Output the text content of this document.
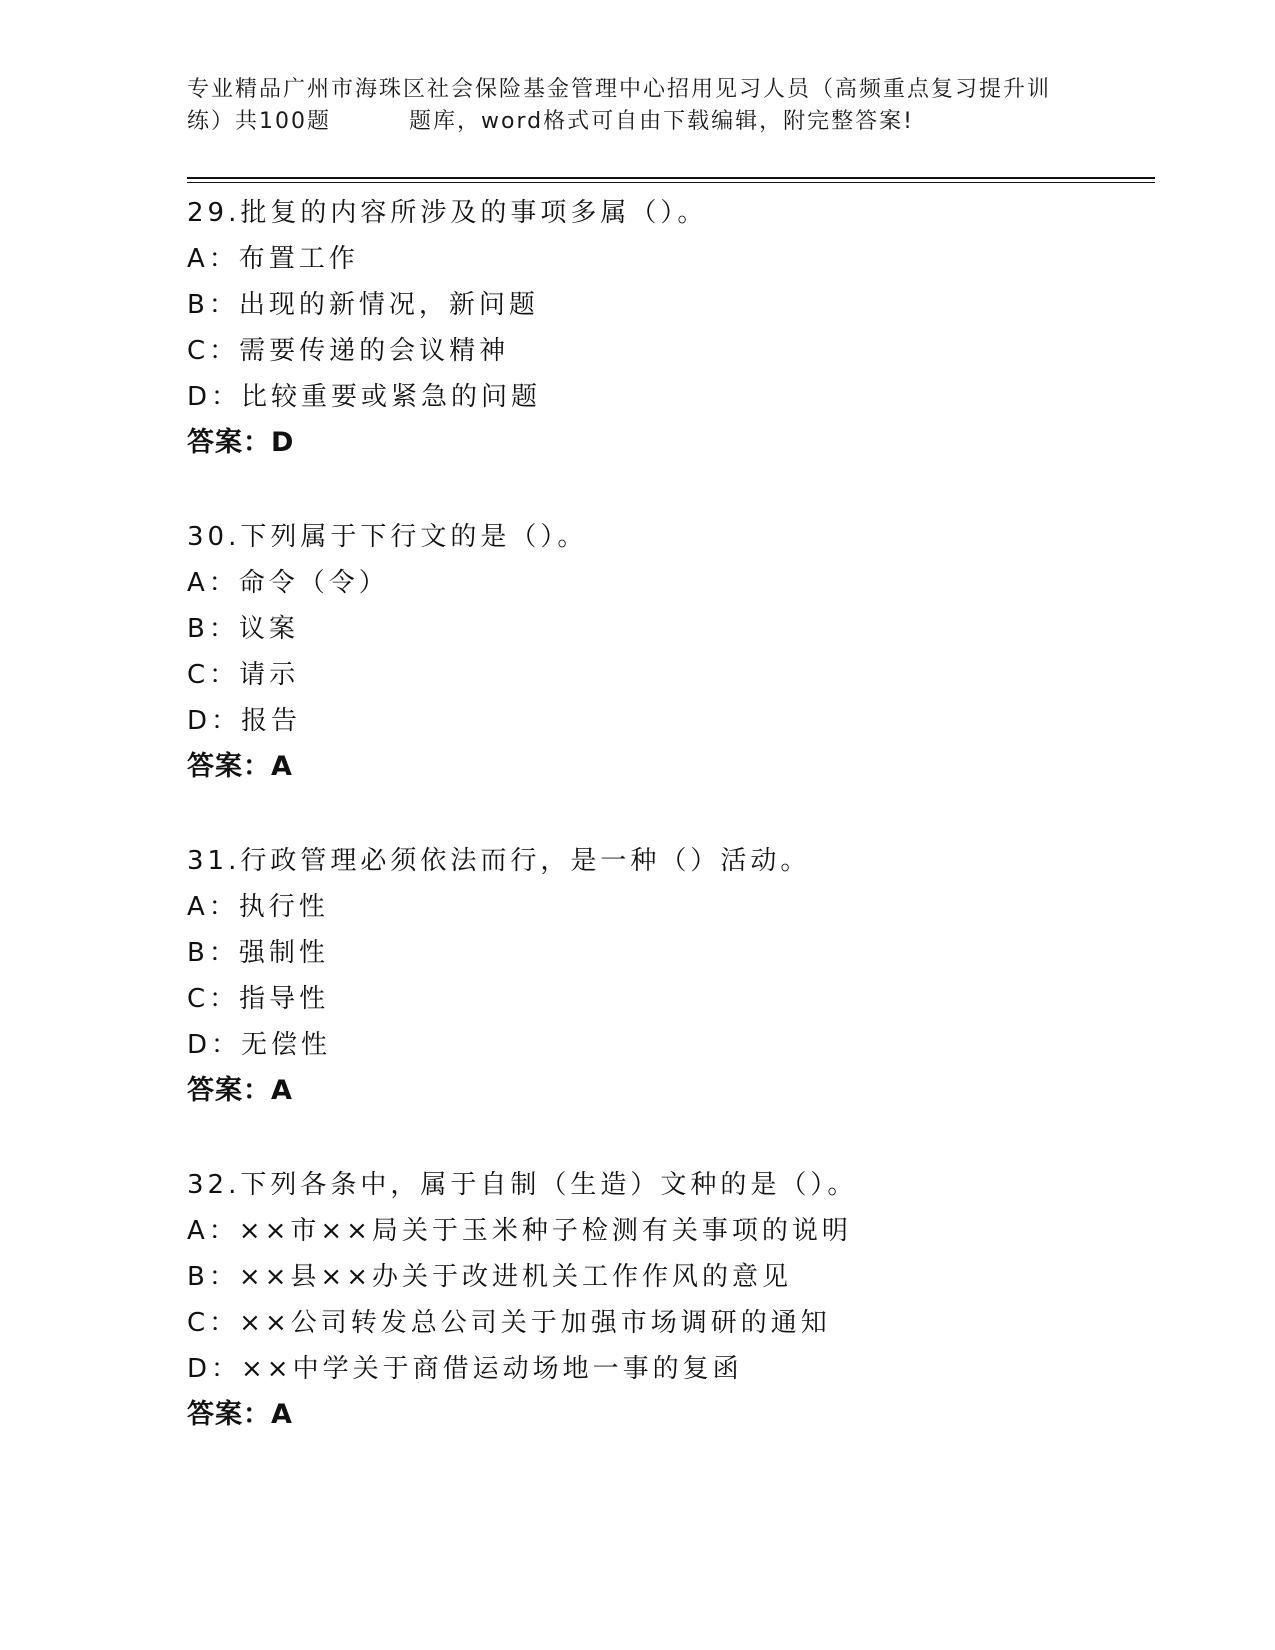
专业精品广州市海珠区社会保险基金管理中心招用见习人员（高频重点复习提升训
练）共100题	题库，word格式可自由下载编辑，附完整答案!
29.批复的内容所涉及的事项多属（）。
A：布置工作
B：出现的新情况，新问题
C：需要传递的会议精神
D：比较重要或紧急的问题
答案：D
30.下列属于下行文的是（）。
A：命令（令）
B：议案
C：请示
D：报告
答案：A
31.行政管理必须依法而行，是一种（）活动。
A：执行性
B：强制性
C：指导性
D：无偿性
答案：A
32.下列各条中，属于自制（生造）文种的是（）。
A：××市××局关于玉米种子检测有关事项的说明
B：××县××办关于改进机关工作作风的意见
C：××公司转发总公司关于加强市场调研的通知
D：××中学关于商借运动场地一事的复函
答案：A
